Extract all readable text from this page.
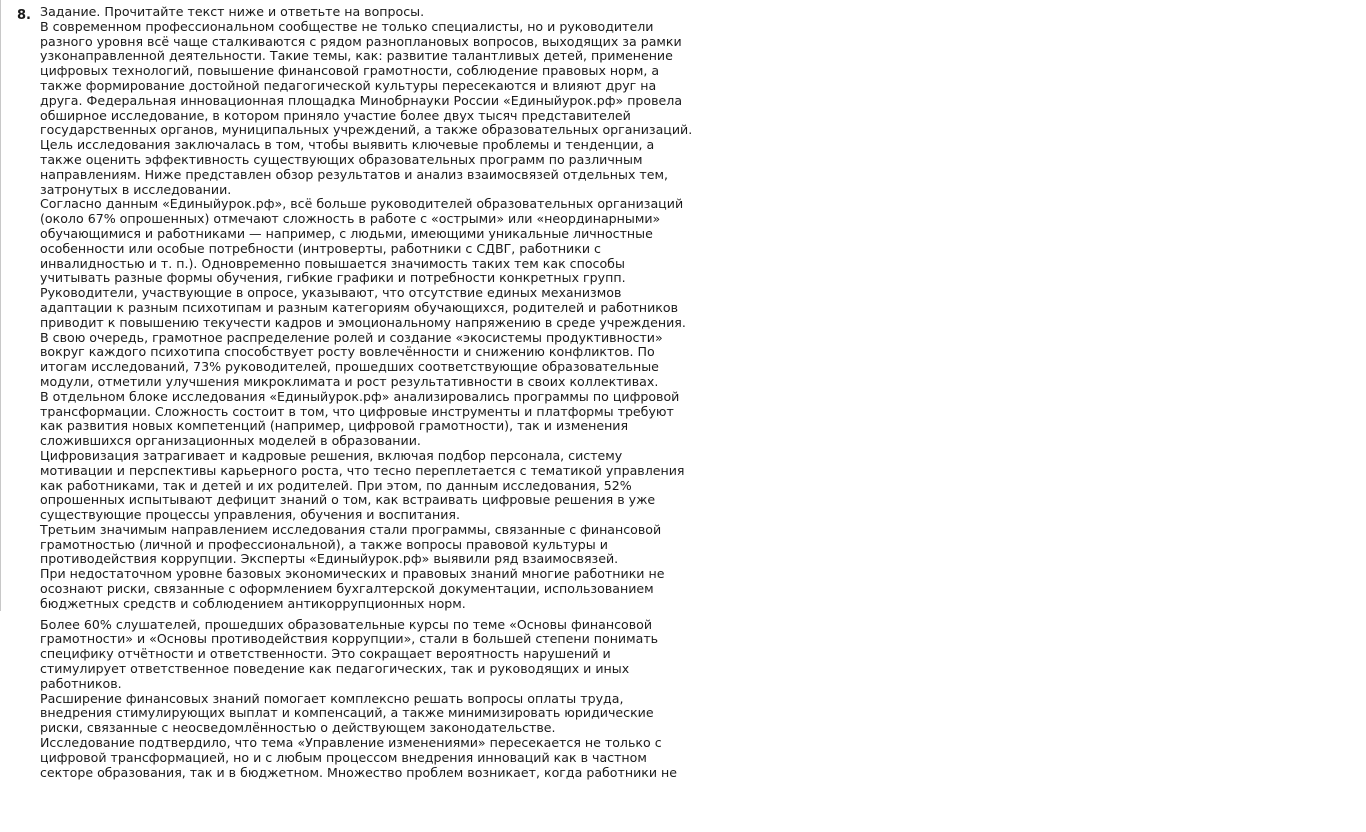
8. Задание. Прочитайте текст ниже и ответьте на вопросы.
В современном профессиональном сообществе не только специалисты, но и руководители
разного уровня всё чаще сталкиваются с рядом разноплановых вопросов, выходящих за рамки
узконаправленной деятельности. Такие темы, как: развитие талантливых детей, применение
цифровых технологий, повышение финансовой грамотности, соблюдение правовых норм, а
также формирование достойной педагогической культуры пересекаются и влияют друг на
друга. Федеральная инновационная площадка Минобрнауки России «Единыйурок.рф» провела
обширное исследование, в котором приняло участие более двух тысяч представителей
государственных органов, муниципальных учреждений, а также образовательных организаций.
Цель исследования заключалась в том, чтобы выявить ключевые проблемы и тенденции, а
также оценить эффективность существующих образовательных программ по различным
направлениям. Ниже представлен обзор результатов и анализ взаимосвязей отдельных тем,
затронутых в исследовании.
Согласно данным «Единыйурок.рф», всё больше руководителей образовательных организаций
(около 67% опрошенных) отмечают сложность в работе с «острыми» или «неординарными»
обучающимися и работниками — например, с людьми, имеющими уникальные личностные
особенности или особые потребности (интроверты, работники с СДВГ, работники с
инвалидностью и т. п.). Одновременно повышается значимость таких тем как способы
учитывать разные формы обучения, гибкие графики и потребности конкретных групп.
Руководители, участвующие в опросе, указывают, что отсутствие единых механизмов
адаптации к разным психотипам и разным категориям обучающихся, родителей и работников
приводит к повышению текучести кадров и эмоциональному напряжению в среде учреждения.
В свою очередь, грамотное распределение ролей и создание «экосистемы продуктивности»
вокруг каждого психотипа способствует росту вовлечённости и снижению конфликтов. По
итогам исследований, 73% руководителей, прошедших соответствующие образовательные
модули, отметили улучшения микроклимата и рост результативности в своих коллективах.
В отдельном блоке исследования «Единыйурок.рф» анализировались программы по цифровой
трансформации. Сложность состоит в том, что цифровые инструменты и платформы требуют
как развития новых компетенций (например, цифровой грамотности), так и изменения
сложившихся организационных моделей в образовании.
Цифровизация затрагивает и кадровые решения, включая подбор персонала, систему
мотивации и перспективы карьерного роста, что тесно переплетается с тематикой управления
как работниками, так и детей и их родителей. При этом, по данным исследования, 52%
опрошенных испытывают дефицит знаний о том, как встраивать цифровые решения в уже
существующие процессы управления, обучения и воспитания.
Третьим значимым направлением исследования стали программы, связанные с финансовой
грамотностью (личной и профессиональной), а также вопросы правовой культуры и
противодействия коррупции. Эксперты «Единыйурок.рф» выявили ряд взаимосвязей.
При недостаточном уровне базовых экономических и правовых знаний многие работники не
осознают риски, связанные с оформлением бухгалтерской документации, использованием
бюджетных средств и соблюдением антикоррупционных норм.
Более 60% слушателей, прошедших образовательные курсы по теме «Основы финансовой
грамотности» и «Основы противодействия коррупции», стали в большей степени понимать
специфику отчётности и ответственности. Это сокращает вероятность нарушений и
стимулирует ответственное поведение как педагогических, так и руководящих и иных
работников.
Расширение финансовых знаний помогает комплексно решать вопросы оплаты труда,
внедрения стимулирующих выплат и компенсаций, а также минимизировать юридические
риски, связанные с неосведомлённостью о действующем законодательстве.
Исследование подтвердило, что тема «Управление изменениями» пересекается не только с
цифровой трансформацией, но и с любым процессом внедрения инноваций как в частном
секторе образования, так и в бюджетном. Множество проблем возникает, когда работники не
